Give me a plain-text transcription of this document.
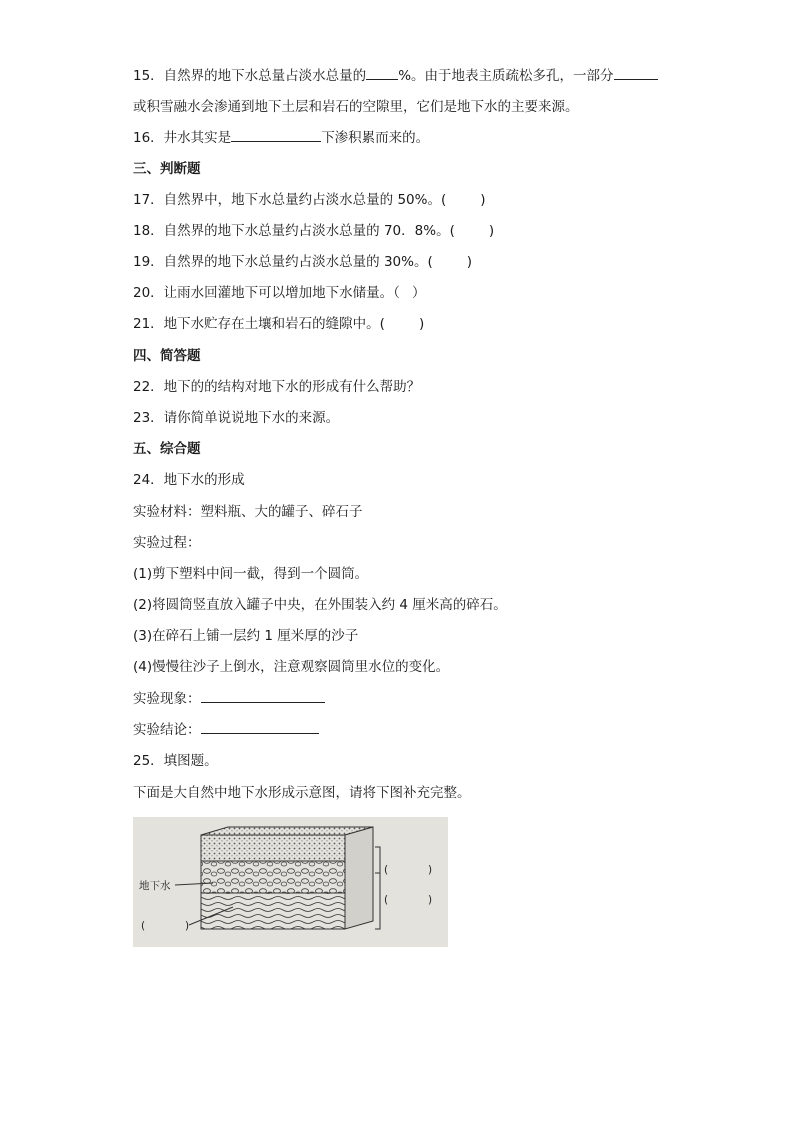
15．自然界的地下水总量占淡水总量的 %。由于地表主质疏松多孔，一部分
或积雪融水会渗通到地下土层和岩石的空隙里，它们是地下水的主要来源。
16．井水其实是	下渗积累而来的。
三、判断题
17．自然界中，地下水总量约占淡水总量的 50%。(	)
18．自然界的地下水总量约占淡水总量的 70．8%。(	)
19．自然界的地下水总量约占淡水总量的 30%。(	)
20．让雨水回灌地下可以增加地下水储量。（ ）
21．地下水贮存在土壤和岩石的缝隙中。(	)
四、简答题
22．地下的的结构对地下水的形成有什么帮助？
23．请你简单说说地下水的来源。
五、综合题
24．地下水的形成
实验材料：塑料瓶、大的罐子、碎石子
实验过程：
(1)剪下塑料中间一截，得到一个圆筒。
(2)将圆筒竖直放入罐子中央，在外围装入约 4 厘米高的碎石。
(3)在碎石上铺一层约 1 厘米厚的沙子
(4)慢慢往沙子上倒水，注意观察圆筒里水位的变化。
实验现象：
实验结论：
25．填图题。
下面是大自然中地下水形成示意图，请将下图补充完整。
地下水
(	)
(	)
(	)
